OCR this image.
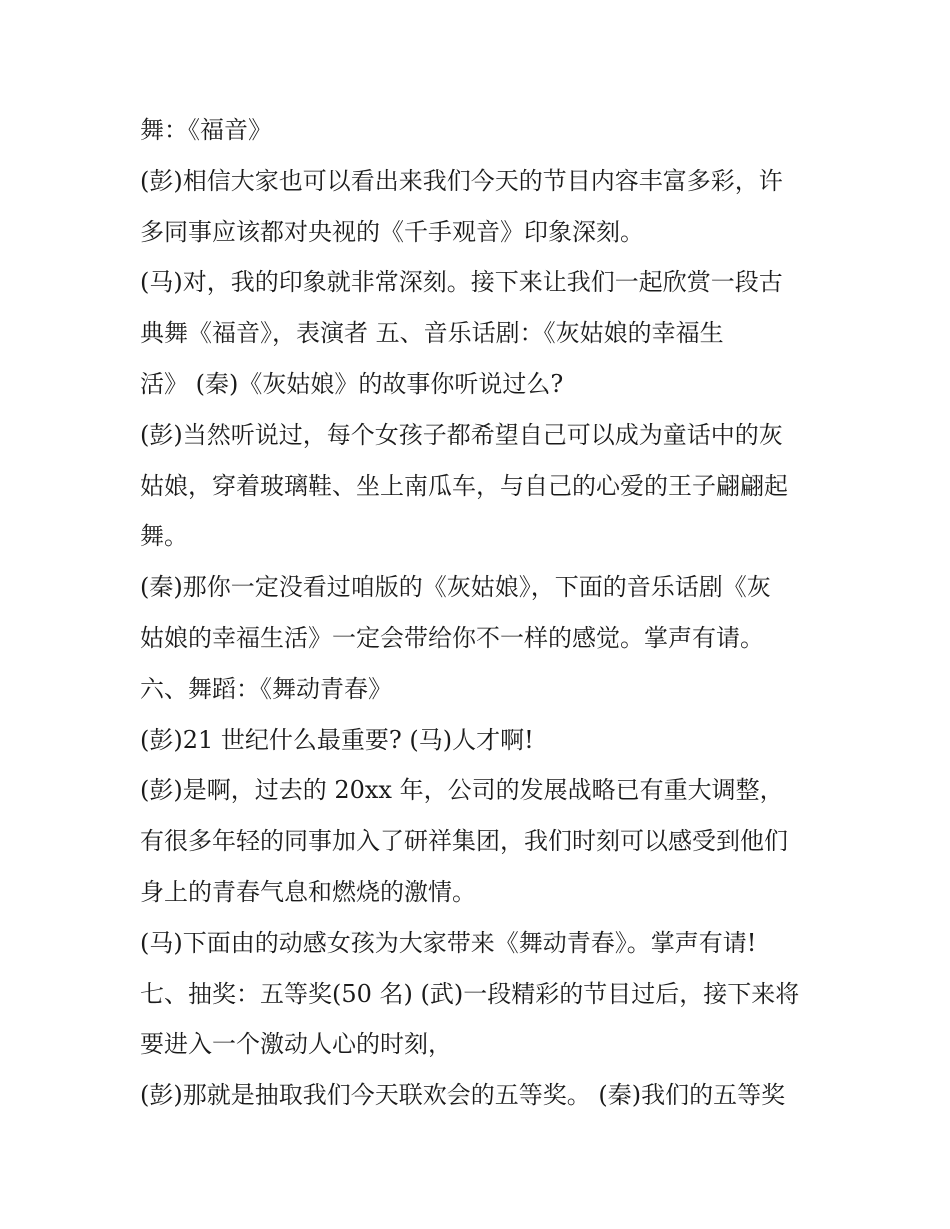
舞：《福音》
(彭)相信大家也可以看出来我们今天的节目内容丰富多彩，许
多同事应该都对央视的《千手观音》印象深刻。
(马)对，我的印象就非常深刻。接下来让我们一起欣赏一段古
典舞《福音》，表演者 五、音乐话剧：《灰姑娘的幸福生
活》 (秦)《灰姑娘》的故事你听说过么?
(彭)当然听说过，每个女孩子都希望自己可以成为童话中的灰
姑娘，穿着玻璃鞋、坐上南瓜车，与自己的心爱的王子翩翩起
舞。
(秦)那你一定没看过咱版的《灰姑娘》，下面的音乐话剧《灰
姑娘的幸福生活》一定会带给你不一样的感觉。掌声有请。
六、舞蹈：《舞动青春》
(彭)21 世纪什么最重要? (马)人才啊!
(彭)是啊，过去的 20xx 年，公司的发展战略已有重大调整，
有很多年轻的同事加入了研祥集团，我们时刻可以感受到他们
身上的青春气息和燃烧的激情。
(马)下面由的动感女孩为大家带来《舞动青春》。掌声有请!
七、抽奖：五等奖(50 名) (武)一段精彩的节目过后，接下来将
要进入一个激动人心的时刻，
(彭)那就是抽取我们今天联欢会的五等奖。 (秦)我们的五等奖
